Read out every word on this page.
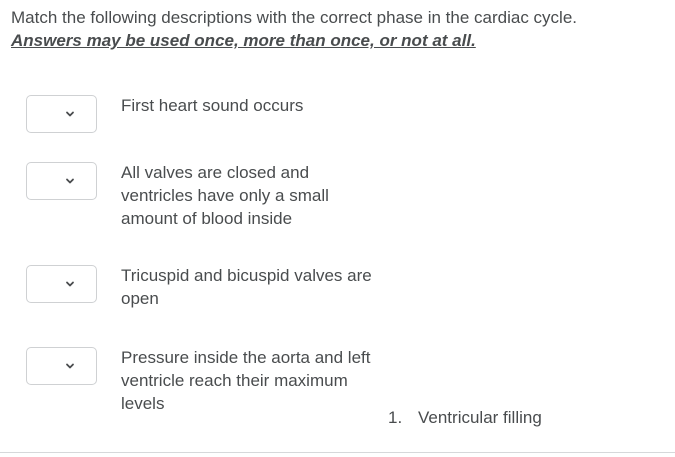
Match the following descriptions with the correct phase in the cardiac cycle.  Answers may be used once, more than once, or not at all.
First heart sound occurs
All valves are closed and ventricles have only a small amount of blood inside
Tricuspid and bicuspid valves are open
Pressure inside the aorta and left ventricle reach their maximum levels
1. Ventricular filling
